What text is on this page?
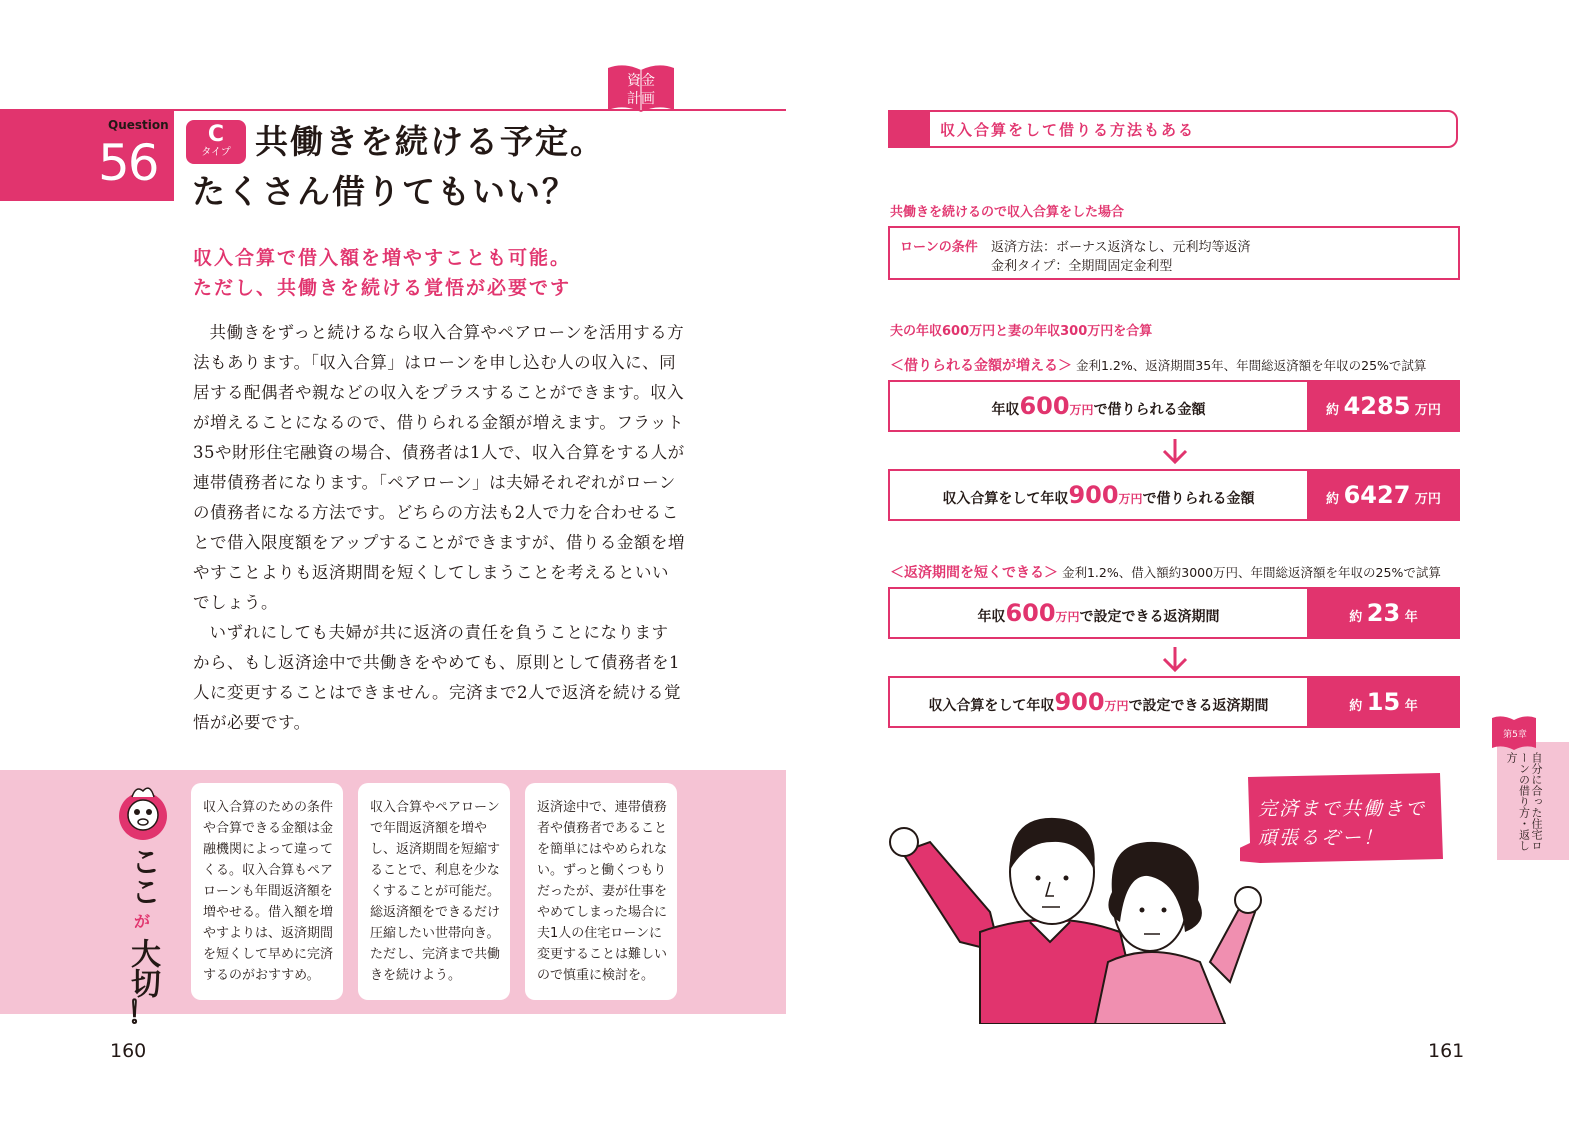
Question
56	C
タイプ 共働きを続ける予定。
たくさん借りてもいい？
資金
計画
収入合算で借入額を増やすことも可能。
ただし、共働きを続ける覚悟が必要です

共働きをずっと続けるなら収入合算やペアローンを活用する方法もあります。「収入合算」はローンを申し込む人の収入に、同居する配偶者や親などの収入をプラスすることができます。収入が増えることになるので、借りられる金額が増えます。フラット35や財形住宅融資の場合、債務者は1人で、収入合算をする人が連帯債務者になります。「ペアローン」は夫婦それぞれがローンの債務者になる方法です。どちらの方法も2人で力を合わせることで借入限度額をアップすることができますが、借りる金額を増やすことよりも返済期間を短くしてしまうことを考えるといいでしょう。

いずれにしても夫婦が共に返済の責任を負うことになりますから、もし返済途中で共働きをやめても、原則として債務者を1人に変更することはできません。完済まで2人で返済を続ける覚悟が必要です。

ここ
が
大切
！
収入合算のための条件や合算できる金額は金融機関によって違ってくる。収入合算もペアローンも年間返済額を増やせる。借入額を増やすよりは、返済期間を短くして早めに完済するのがおすすめ。
収入合算やペアローンで年間返済額を増やし、返済期間を短縮することで、利息を少なくすることが可能だ。総返済額をできるだけ圧縮したい世帯向き。ただし、完済まで共働きを続けよう。
返済途中で、連帯債務者や債務者であることを簡単にはやめられない。ずっと働くつもりだったが、妻が仕事をやめてしまった場合に夫1人の住宅ローンに変更することは難しいので慎重に検討を。
160
収入合算をして借りる方法もある
共働きを続けるので収入合算をした場合
ローンの条件 返済方法：ボーナス返済なし、元利均等返済
金利タイプ：全期間固定金利型
夫の年収600万円と妻の年収300万円を合算
＜借りられる金額が増える＞ 金利1.2%、返済期間35年、年間総返済額を年収の25%で試算
年収600万円で借りられる金額	約 4285 万円
収入合算をして年収900万円で借りられる金額	約 6427 万円
＜返済期間を短くできる＞ 金利1.2%、借入額約3000万円、年間総返済額を年収の25%で試算
年収600万円で設定できる返済期間	約 23 年
収入合算をして年収900万円で設定できる返済期間	約 15 年
完済まで共働きで
頑張るぞー！
第5章
自分に合った住宅ローンの借り方・返し方
161
